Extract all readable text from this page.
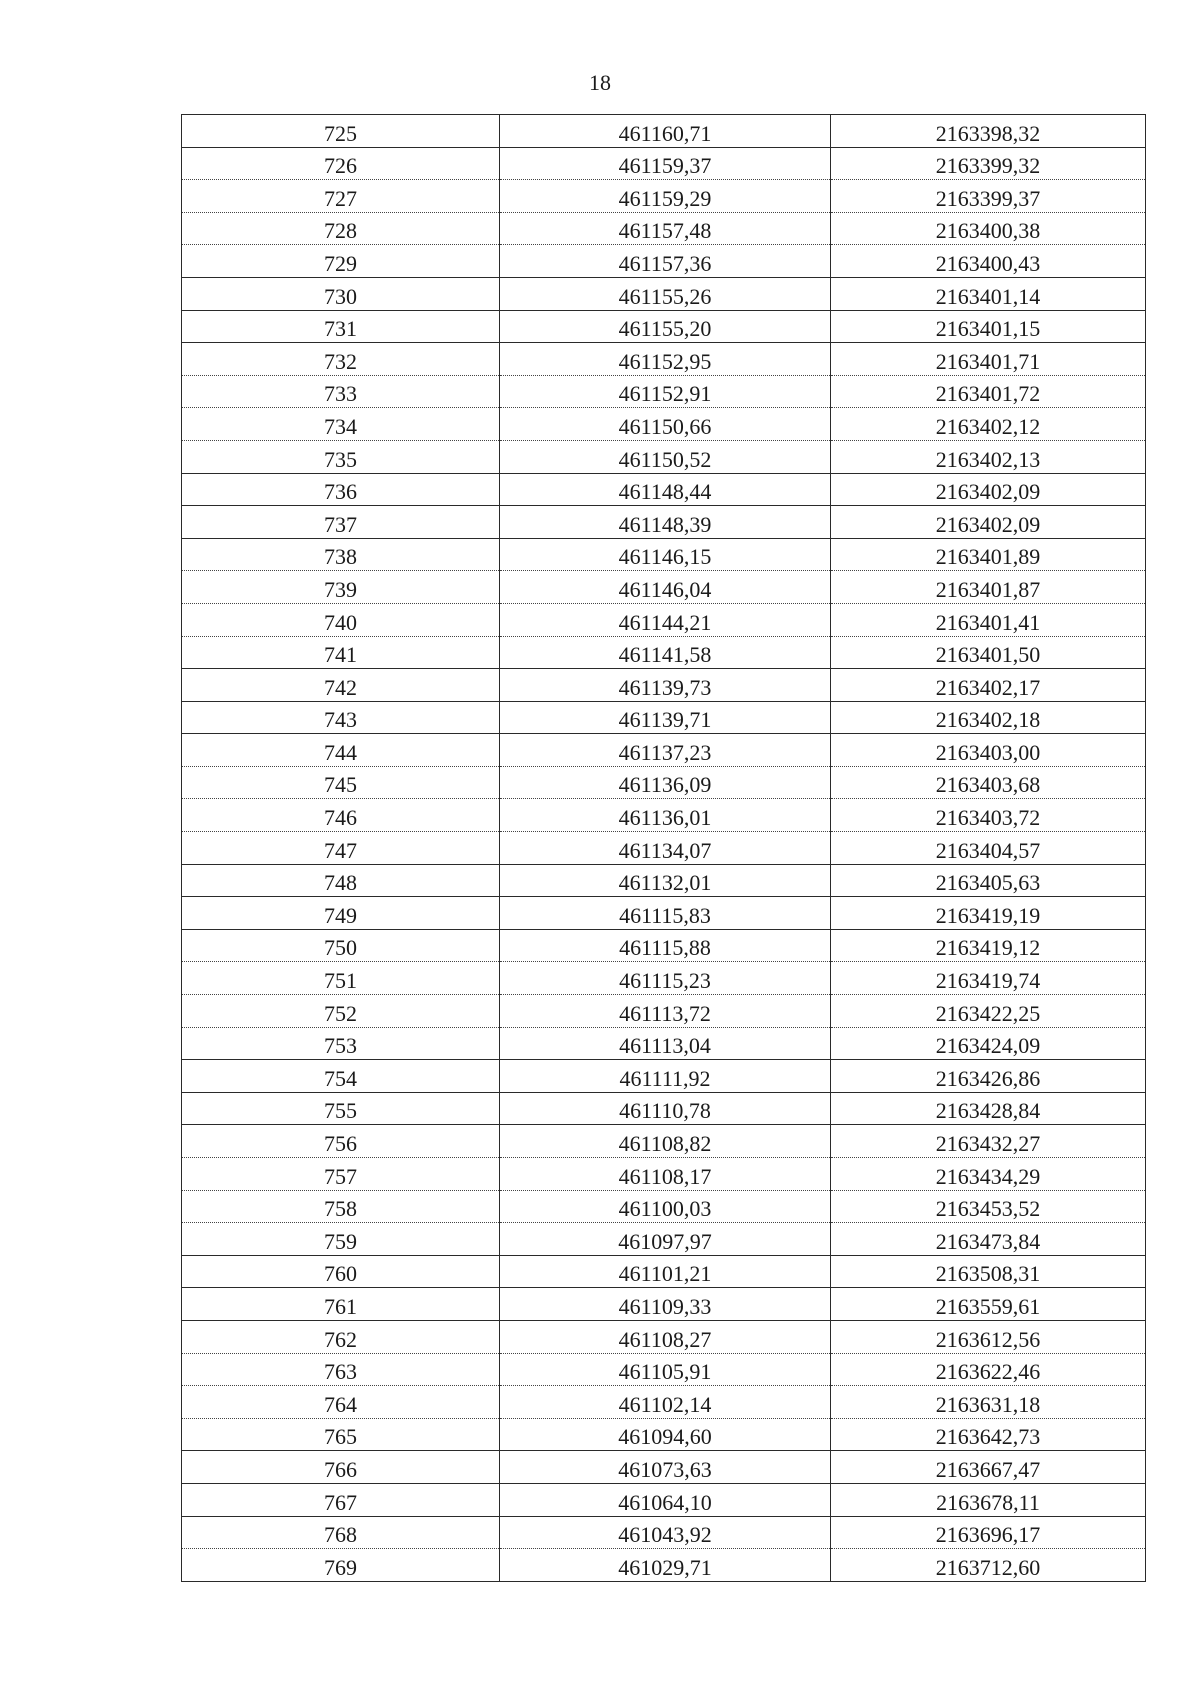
18
725	461160,71	2163398,32
726	461159,37	2163399,32
727	461159,29	2163399,37
728	461157,48	2163400,38
729	461157,36	2163400,43
730	461155,26	2163401,14
731	461155,20	2163401,15
732	461152,95	2163401,71
733	461152,91	2163401,72
734	461150,66	2163402,12
735	461150,52	2163402,13
736	461148,44	2163402,09
737	461148,39	2163402,09
738	461146,15	2163401,89
739	461146,04	2163401,87
740	461144,21	2163401,41
741	461141,58	2163401,50
742	461139,73	2163402,17
743	461139,71	2163402,18
744	461137,23	2163403,00
745	461136,09	2163403,68
746	461136,01	2163403,72
747	461134,07	2163404,57
748	461132,01	2163405,63
749	461115,83	2163419,19
750	461115,88	2163419,12
751	461115,23	2163419,74
752	461113,72	2163422,25
753	461113,04	2163424,09
754	461111,92	2163426,86
755	461110,78	2163428,84
756	461108,82	2163432,27
757	461108,17	2163434,29
758	461100,03	2163453,52
759	461097,97	2163473,84
760	461101,21	2163508,31
761	461109,33	2163559,61
762	461108,27	2163612,56
763	461105,91	2163622,46
764	461102,14	2163631,18
765	461094,60	2163642,73
766	461073,63	2163667,47
767	461064,10	2163678,11
768	461043,92	2163696,17
769	461029,71	2163712,60
